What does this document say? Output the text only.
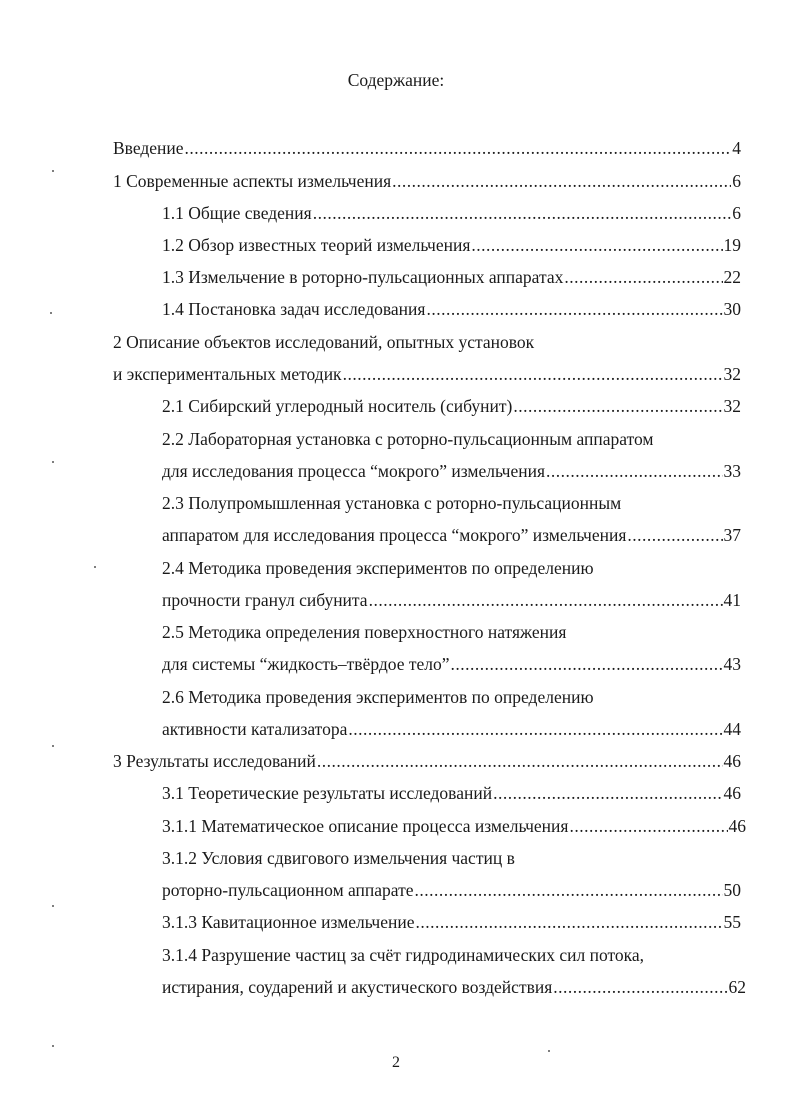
Содержание:
Введение .....	4
1 Современные аспекты измельчения .....	6
1.1 Общие сведения .....	6
1.2 Обзор известных теорий измельчения .....	19
1.3 Измельчение в роторно-пульсационных аппаратах .....	22
1.4 Постановка задач исследования .....	30
2 Описание объектов исследований, опытных установок
и экспериментальных методик .....	32
2.1 Сибирский углеродный носитель (сибунит) .....	32
2.2 Лабораторная установка с роторно-пульсационным аппаратом
для исследования процесса “мокрого” измельчения .....	33
2.3 Полупромышленная установка с роторно-пульсационным
аппаратом для исследования процесса “мокрого” измельчения .....	37
2.4 Методика проведения экспериментов по определению
прочности гранул сибунита .....	41
2.5 Методика определения поверхностного натяжения
для системы “жидкость–твёрдое тело” .....	43
2.6 Методика проведения экспериментов по определению
активности катализатора .....	44
3 Результаты исследований .....	46
3.1 Теоретические результаты исследований .....	46
3.1.1 Математическое описание процесса измельчения .....	46
3.1.2 Условия сдвигового измельчения частиц в
роторно-пульсационном аппарате .....	50
3.1.3 Кавитационное измельчение .....	55
3.1.4 Разрушение частиц за счёт гидродинамических сил потока,
истирания, соударений и акустического воздействия .....	62
2
